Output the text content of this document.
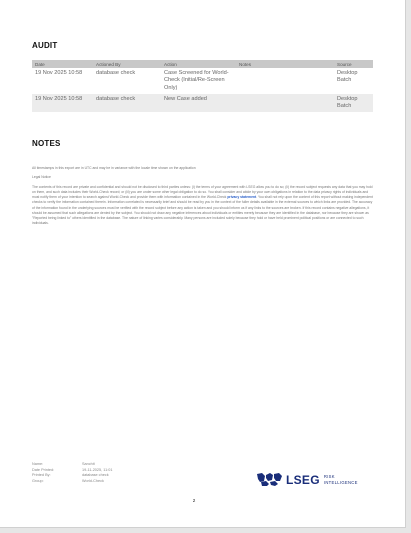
AUDIT
Date	Actioned By	Action	Notes	Source
19 Nov 2025 10:58	database check	Case Screened for World-Check (Initial/Re-Screen Only)		Desktop Batch
19 Nov 2025 10:58	database check	New Case added		Desktop Batch
NOTES

All timestamps in this export are in UTC and may be in variance with the locale time shown on the application

Legal Notice

The contents of this record are private and confidential and should not be disclosed to third parties unless: (i) the terms of your agreement with LSEG allow you to do so; (ii) the record subject requests any data that you may hold on them, and such data includes their World-Check record; or (iii) you are under some other legal obligation to do so. You shall consider and abide by your own obligations in relation to the data privacy rights of individuals and must notify them of your intention to search against World-Check and provide them with information contained in the World-Check privacy statement. You shall not rely upon the content of this report without making independent checks to verify the information contained therein. Information correlated is necessarily brief and should be read by you in the context of the fuller details available in the external sources to which links are provided. The accuracy of the information found in the underlying sources must be verified with the record subject before any action is taken and you should inform us if any links to the sources are broken. If this record contains negative allegations, it should be assumed that such allegations are denied by the subject. You should not draw any negative inferences about individuals or entities merely because they are identified in the database, nor because they are shown as "Reported being linked to" others identified in the database. The nature of linking varies considerably. Many persons are included solely because they hold or have held prominent political positions or are connected to such individuals.

Name:	Sanchit
Date Printed:	19-11-2025, 11:01
Printed By:	database check
Group:	World-Check	LSEG RISK
INTELLIGENCE
2
